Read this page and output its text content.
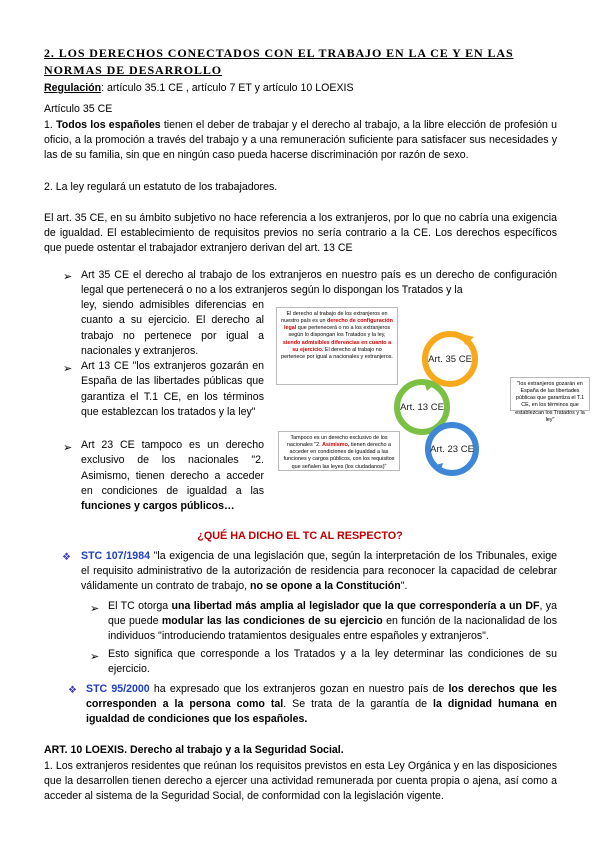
2. LOS DERECHOS CONECTADOS CON EL TRABAJO EN LA CE Y EN LAS NORMAS DE DESARROLLO
Regulación: artículo 35.1 CE , artículo 7 ET y artículo 10 LOEXIS
Artículo 35 CE
1. Todos los españoles tienen el deber de trabajar y el derecho al trabajo, a la libre elección de profesión u oficio, a la promoción a través del trabajo y a una remuneración suficiente para satisfacer sus necesidades y las de su familia, sin que en ningún caso pueda hacerse discriminación por razón de sexo.
2. La ley regulará un estatuto de los trabajadores.
El art. 35 CE, en su ámbito subjetivo no hace referencia a los extranjeros, por lo que no cabría una exigencia de igualdad. El establecimiento de requisitos previos no sería contrario a la CE. Los derechos específicos que puede ostentar el trabajador extranjero derivan del art. 13 CE
➢ Art 35 CE el derecho al trabajo de los extranjeros en nuestro país es un derecho de configuración legal que pertenecerá o no a los extranjeros según lo dispongan los Tratados y la
ley, siendo admisibles diferencias en cuanto a su ejercicio. El derecho al trabajo no pertenece por igual a nacionales y extranjeros.
➢ Art 13 CE "los extranjeros gozarán en España de las libertades públicas que garantiza el T.1 CE, en los términos que establezcan los tratados y la ley"
➢ Art 23 CE tampoco es un derecho exclusivo de los nacionales "2. Asimismo, tienen derecho a acceder en condiciones de igualdad a las funciones y cargos públicos…
El derecho al trabajo de los extranjeros en nuestro país es un derecho de configuración legal que pertenecerá o no a los extranjeros según lo dispongan los Tratados y la ley, siendo admisibles diferencias en cuanto a su ejercicio. El derecho al trabajo no pertenece por igual a nacionales y extranjeros.
Tampoco es un derecho exclusivo de los nacionales "2. Asimismo, tienen derecho a acceder en condiciones de igualdad a las funciones y cargos públicos, con los requisitos que señalen las leyes (los ciudadanos)"
"los extranjeros gozarán en España de las libertades públicas que garantiza el T.1 CE, en los términos que establezcan los Tratados y la ley"
Art. 35 CE
Art. 13 CE
Art. 23 CE
¿QUÉ HA DICHO EL TC AL RESPECTO?
❖ STC 107/1984 "la exigencia de una legislación que, según la interpretación de los Tribunales, exige el requisito administrativo de la autorización de residencia para reconocer la capacidad de celebrar válidamente un contrato de trabajo, no se opone a la Constitución".
➢ El TC otorga una libertad más amplia al legislador que la que correspondería a un DF, ya que puede modular las las condiciones de su ejercicio en función de la nacionalidad de los individuos "introduciendo tratamientos desiguales entre españoles y extranjeros".
➢ Esto significa que corresponde a los Tratados y a la ley determinar las condiciones de su ejercicio.
❖ STC 95/2000 ha expresado que los extranjeros gozan en nuestro país de los derechos que les corresponden a la persona como tal. Se trata de la garantía de la dignidad humana en igualdad de condiciones que los españoles.
ART. 10 LOEXIS. Derecho al trabajo y a la Seguridad Social.
1. Los extranjeros residentes que reúnan los requisitos previstos en esta Ley Orgánica y en las disposiciones que la desarrollen tienen derecho a ejercer una actividad remunerada por cuenta propia o ajena, así como a acceder al sistema de la Seguridad Social, de conformidad con la legislación vigente.
